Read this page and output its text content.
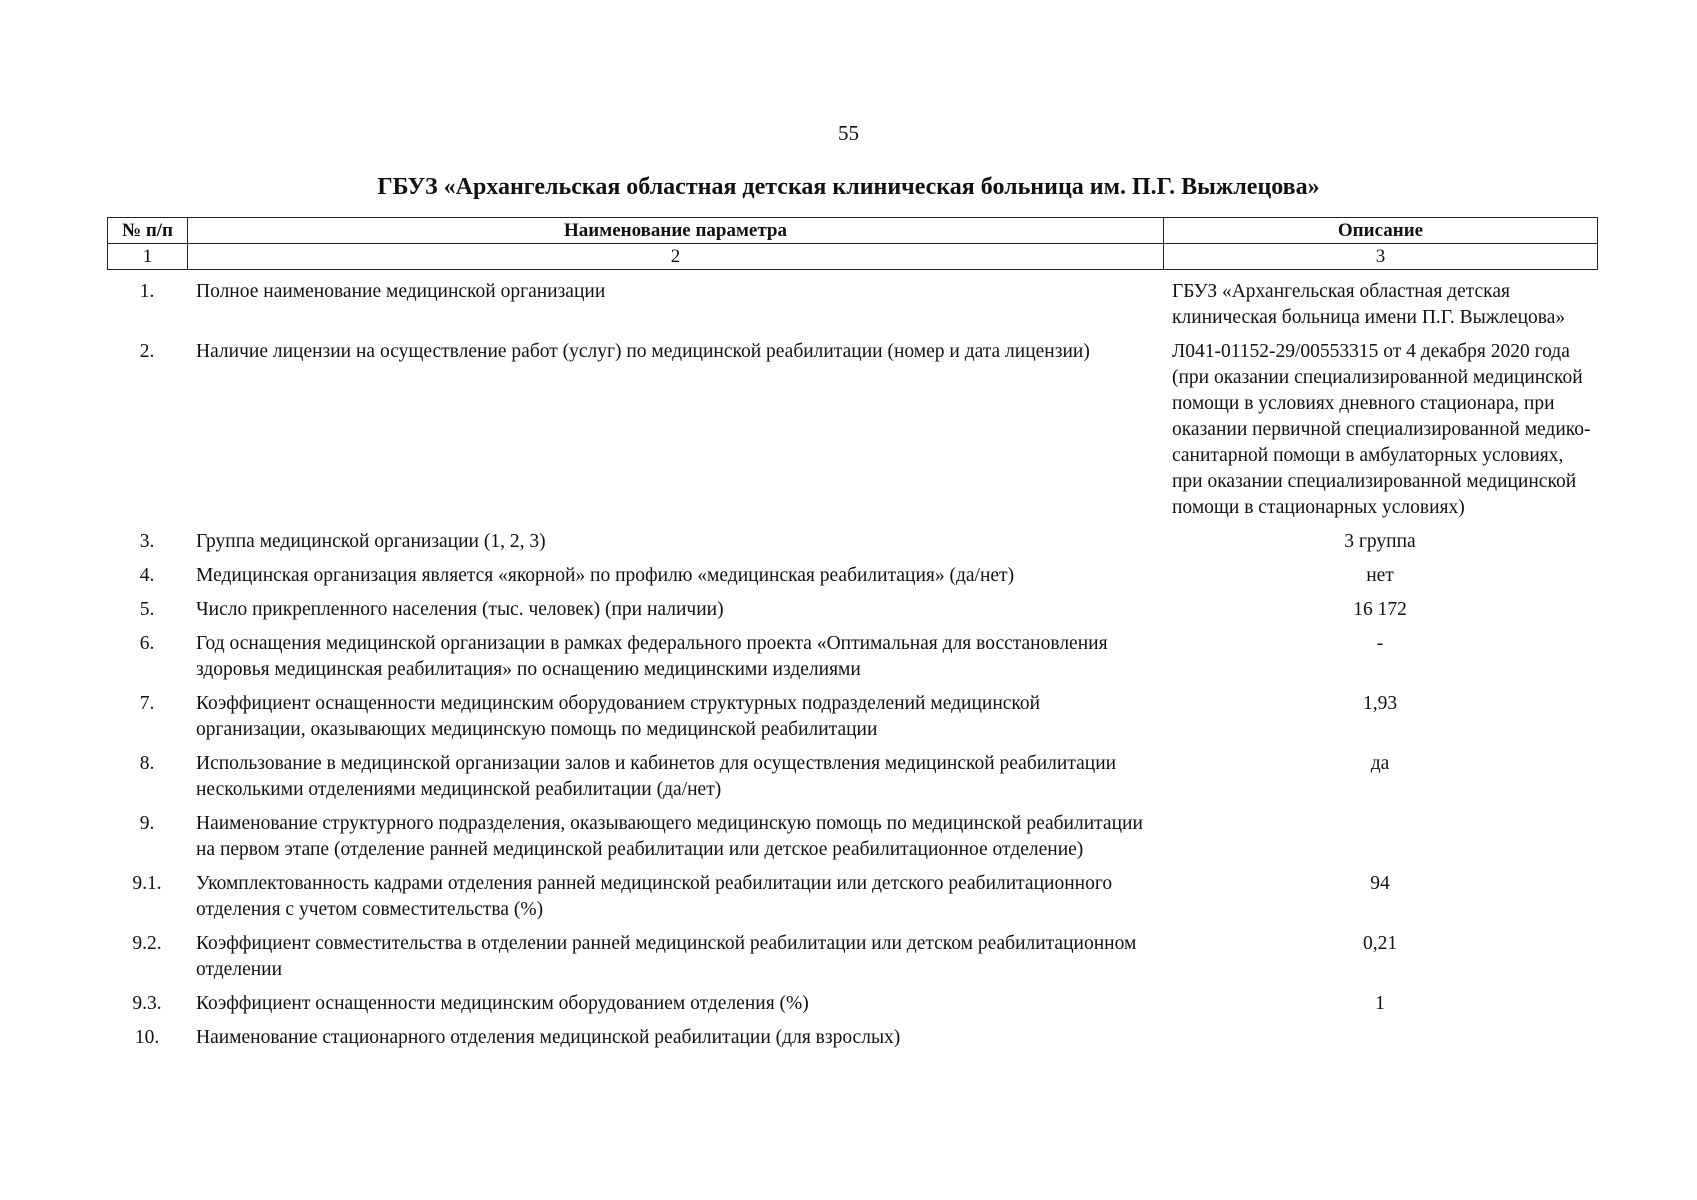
55
ГБУЗ «Архангельская областная детская клиническая больница им. П.Г. Выжлецова»
№ п/п	Наименование параметра	Описание
1	2	3
1.	Полное наименование медицинской организации	ГБУЗ «Архангельская областная детская клиническая больница имени П.Г. Выжлецова»
2.	Наличие лицензии на осуществление работ (услуг) по медицинской реабилитации (номер и дата лицензии)	Л041-01152-29/00553315 от 4 декабря 2020 года (при оказании специализированной медицинской помощи в условиях дневного стационара, при оказании первичной специализированной медико-санитарной помощи в амбулаторных условиях, при оказании специализированной медицинской помощи в стационарных условиях)
3.	Группа медицинской организации (1, 2, 3)	3 группа
4.	Медицинская организация является «якорной» по профилю «медицинская реабилитация» (да/нет)	нет
5.	Число прикрепленного населения (тыс. человек) (при наличии)	16 172
6.	Год оснащения медицинской организации в рамках федерального проекта «Оптимальная для восстановления здоровья медицинская реабилитация» по оснащению медицинскими изделиями	-
7.	Коэффициент оснащенности медицинским оборудованием структурных подразделений медицинской организации, оказывающих медицинскую помощь по медицинской реабилитации	1,93
8.	Использование в медицинской организации залов и кабинетов для осуществления медицинской реабилитации несколькими отделениями медицинской реабилитации (да/нет)	да
9.	Наименование структурного подразделения, оказывающего медицинскую помощь по медицинской реабилитации на первом этапе (отделение ранней медицинской реабилитации или детское реабилитационное отделение)	
9.1.	Укомплектованность кадрами отделения ранней медицинской реабилитации или детского реабилитационного отделения с учетом совместительства (%)	94
9.2.	Коэффициент совместительства в отделении ранней медицинской реабилитации или детском реабилитационном отделении	0,21
9.3.	Коэффициент оснащенности медицинским оборудованием отделения (%)	1
10.	Наименование стационарного отделения медицинской реабилитации (для взрослых)	
